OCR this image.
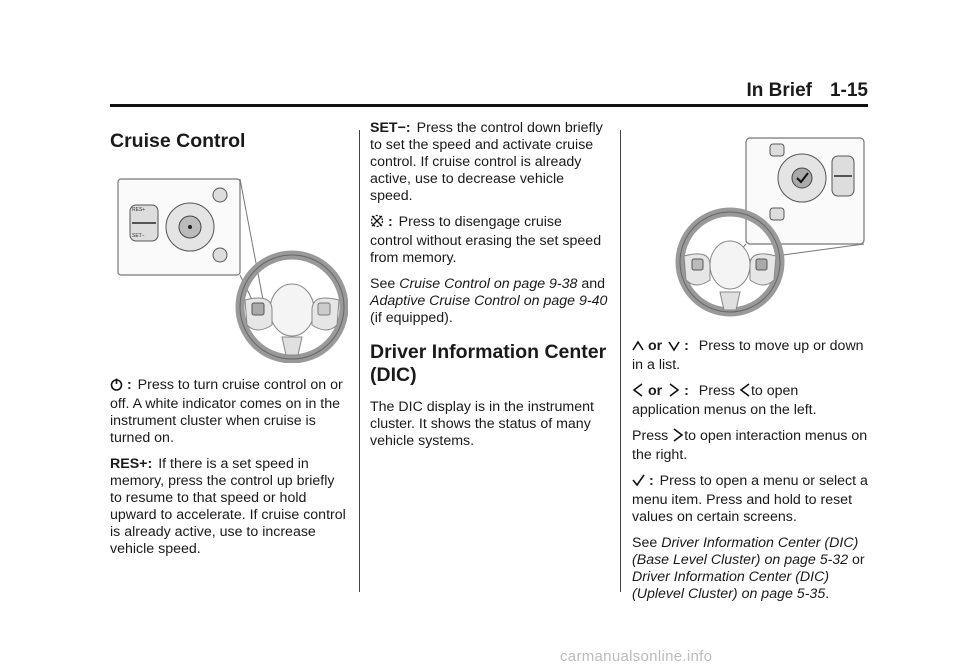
In Brief 1-15
Cruise Control
RES+
SET−

: Press to turn cruise control on or off. A white indicator comes on in the instrument cluster when cruise is turned on.

RES+: If there is a set speed in memory, press the control up briefly to resume to that speed or hold upward to accelerate. If cruise control is already active, use to increase vehicle speed.

SET−: Press the control down briefly to set the speed and activate cruise control. If cruise control is already active, use to decrease vehicle speed.

: Press to disengage cruise control without erasing the set speed from memory.

See Cruise Control on page 9-38 and Adaptive Cruise Control on page 9-40 (if equipped).

Driver Information Center (DIC)

The DIC display is in the instrument cluster. It shows the status of many vehicle systems.

or : Press to move up or down in a list.

or : Press to open application menus on the left.

Press to open interaction menus on the right.

: Press to open a menu or select a menu item. Press and hold to reset values on certain screens.

See Driver Information Center (DIC) (Base Level Cluster) on page 5-32 or Driver Information Center (DIC) (Uplevel Cluster) on page 5-35.

carmanualsonline.info
